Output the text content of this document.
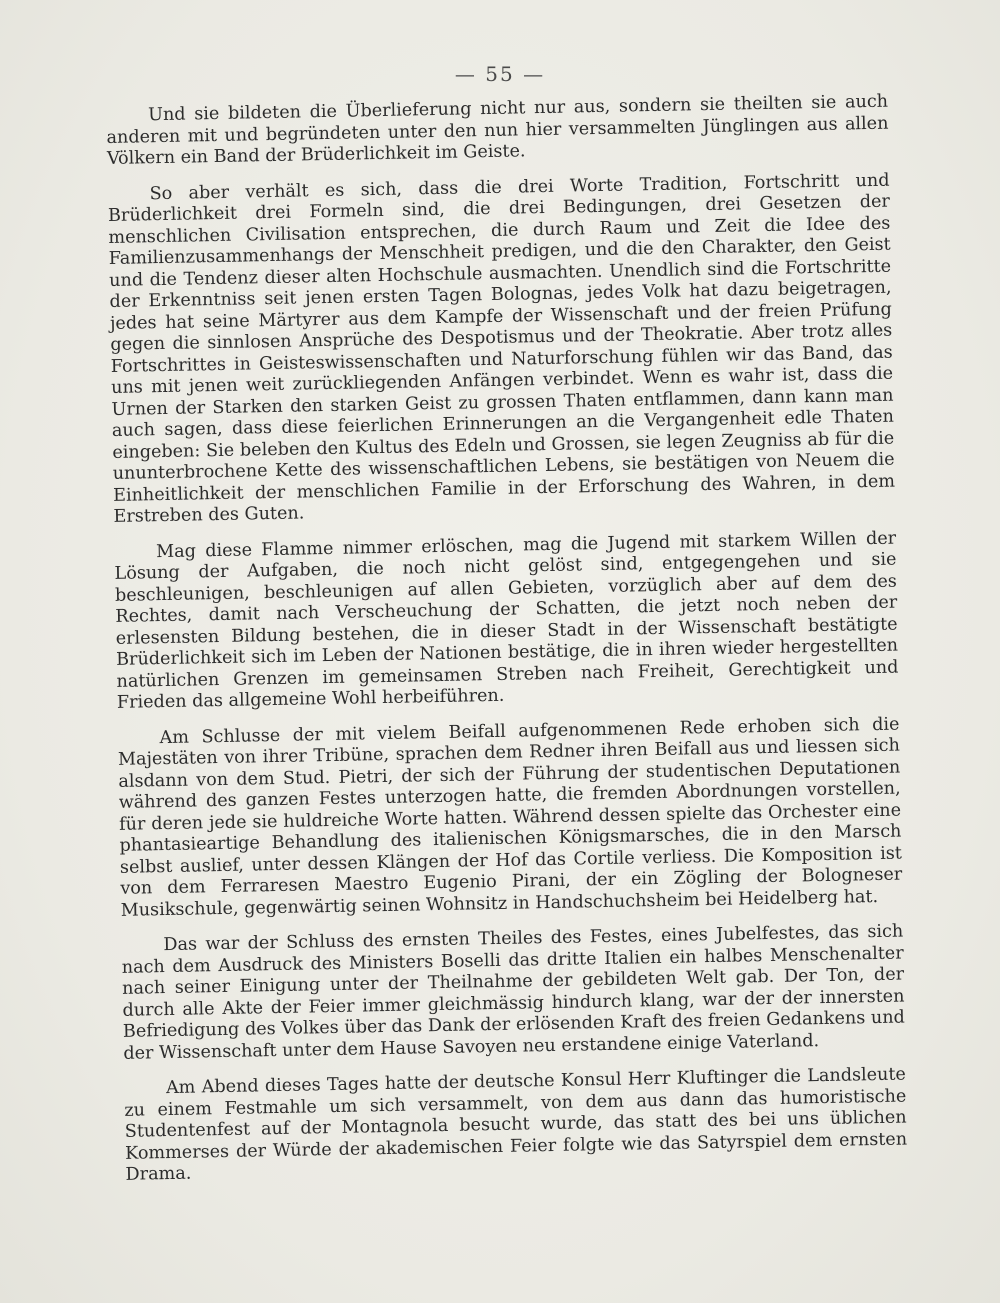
— 55 —

Und sie bildeten die Überlieferung nicht nur aus, sondern sie theilten sie auch anderen mit und begründeten unter den nun hier versammelten Jünglingen aus allen Völkern ein Band der Brüderlichkeit im Geiste.

So aber verhält es sich, dass die drei Worte Tradition, Fortschritt und Brüderlichkeit drei Formeln sind, die drei Bedingungen, drei Gesetzen der menschlichen Civilisation entsprechen, die durch Raum und Zeit die Idee des Familienzusammenhangs der Menschheit predigen, und die den Charakter, den Geist und die Tendenz dieser alten Hochschule ausmachten. Unendlich sind die Fortschritte der Erkenntniss seit jenen ersten Tagen Bolognas, jedes Volk hat dazu beigetragen, jedes hat seine Märtyrer aus dem Kampfe der Wissenschaft und der freien Prüfung gegen die sinnlosen Ansprüche des Despotismus und der Theokratie. Aber trotz alles Fortschrittes in Geisteswissenschaften und Naturforschung fühlen wir das Band, das uns mit jenen weit zurückliegenden Anfängen verbindet. Wenn es wahr ist, dass die Urnen der Starken den starken Geist zu grossen Thaten entflammen, dann kann man auch sagen, dass diese feierlichen Erinnerungen an die Vergangenheit edle Thaten eingeben: Sie beleben den Kultus des Edeln und Grossen, sie legen Zeugniss ab für die ununterbrochene Kette des wissenschaftlichen Lebens, sie bestätigen von Neuem die Einheitlichkeit der menschlichen Familie in der Erforschung des Wahren, in dem Erstreben des Guten.

Mag diese Flamme nimmer erlöschen, mag die Jugend mit starkem Willen der Lösung der Aufgaben, die noch nicht gelöst sind, entgegengehen und sie beschleunigen, beschleunigen auf allen Gebieten, vorzüglich aber auf dem des Rechtes, damit nach Verscheuchung der Schatten, die jetzt noch neben der erlesensten Bildung bestehen, die in dieser Stadt in der Wissenschaft bestätigte Brüderlichkeit sich im Leben der Nationen bestätige, die in ihren wieder hergestellten natürlichen Grenzen im gemeinsamen Streben nach Freiheit, Gerechtigkeit und Frieden das allgemeine Wohl herbeiführen.

Am Schlusse der mit vielem Beifall aufgenommenen Rede erhoben sich die Majestäten von ihrer Tribüne, sprachen dem Redner ihren Beifall aus und liessen sich alsdann von dem Stud. Pietri, der sich der Führung der studentischen Deputationen während des ganzen Festes unterzogen hatte, die fremden Abordnungen vorstellen, für deren jede sie huldreiche Worte hatten. Während dessen spielte das Orchester eine phantasieartige Behandlung des italienischen Königsmarsches, die in den Marsch selbst auslief, unter dessen Klängen der Hof das Cortile verliess. Die Komposition ist von dem Ferraresen Maestro Eugenio Pirani, der ein Zögling der Bologneser Musikschule, gegenwärtig seinen Wohnsitz in Handschuchsheim bei Heidelberg hat.

Das war der Schluss des ernsten Theiles des Festes, eines Jubelfestes, das sich nach dem Ausdruck des Ministers Boselli das dritte Italien ein halbes Menschenalter nach seiner Einigung unter der Theilnahme der gebildeten Welt gab. Der Ton, der durch alle Akte der Feier immer gleichmässig hindurch klang, war der der innersten Befriedigung des Volkes über das Dank der erlösenden Kraft des freien Gedankens und der Wissenschaft unter dem Hause Savoyen neu erstandene einige Vaterland.

Am Abend dieses Tages hatte der deutsche Konsul Herr Kluftinger die Landsleute zu einem Festmahle um sich versammelt, von dem aus dann das humoristische Studentenfest auf der Montagnola besucht wurde, das statt des bei uns üblichen Kommerses der Würde der akademischen Feier folgte wie das Satyrspiel dem ernsten Drama.
